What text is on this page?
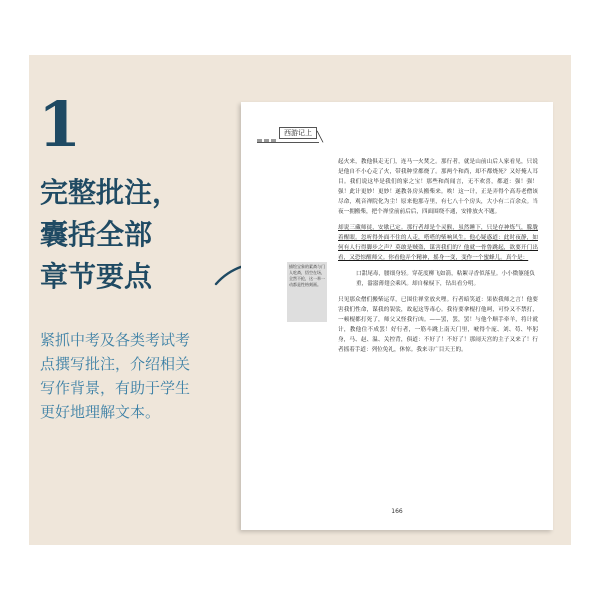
1
完整批注，
囊括全部
章节要点
紧抓中考及各类考试考
点撰写批注，介绍相关
写作背景，有助于学生
更好地理解文本。
西游记上 ╲
描绘宝象的素斋与门人吃斋，悟空在场，全然不抢，这一举一动都是性格刻画。

起火来，教他俱走无门，连马一火焚之。那行者，就是山前山后人家看见，只说是他自不小心走了火，带我种堂都烧了。那两个和尚，却不都烧死？又好掩人耳目。我们说这毕是我们的家之宝！那些和尚闻言，无不欢喜，都道：强！强！强！此计更妙！更妙！遂教各房头搬柴来。唉！这一计，正是弄得个高寿老僧该尽命，观音禅院化为尘！原来他那寺里，有七八十个房头，大小有二百余众。当夜一拥搬柴，把个禅堂前前后后，四面围绕不通，安排放火不题。

却说三藏师徒，安歇已定。那行者却是个灵猴，虽然睡下，只是存神炼气，朦胧着醒眼。忽听得外面不住的人走，嗒嗒的柴响风生。他心疑惑道：此时夜静，如何有人行得脚步之声？莫敢是贼盗，谋害我们的？他就一骨鲁跳起，欲要开门出看，又恐惊醒师父。你看他弄个精神，摇身一变，变作一个蜜蜂儿。真个是：

口甜尾毒，腰细身轻。穿花度柳飞如箭，粘絮寻香似落星。小小微躯能负重，嚣嚣薄翅会乘风。却自椽棂下，钻出看分明。

只见那众僧们搬柴运草，已围住禅堂放火哩。行者暗笑道：果依我师之言！他要害我们性命，谋我的袈裟，故起这等毒心。我待要拿棍打他呵，可怜又不禁打，一顿棍都打死了，师父又怪我行凶。——罢，罢，罢！与他个顺手牵羊，将计就计，教他住不成罢！好行者，一筋斗跳上南天门里，唬得个庞、刘、苟、毕躬身，马、赵、温、关控背，俱道：不好了！不好了！那闹天宫的主子又来了！行者摇着手道：列位免礼，休惊。我来寻广目天王的。

166
